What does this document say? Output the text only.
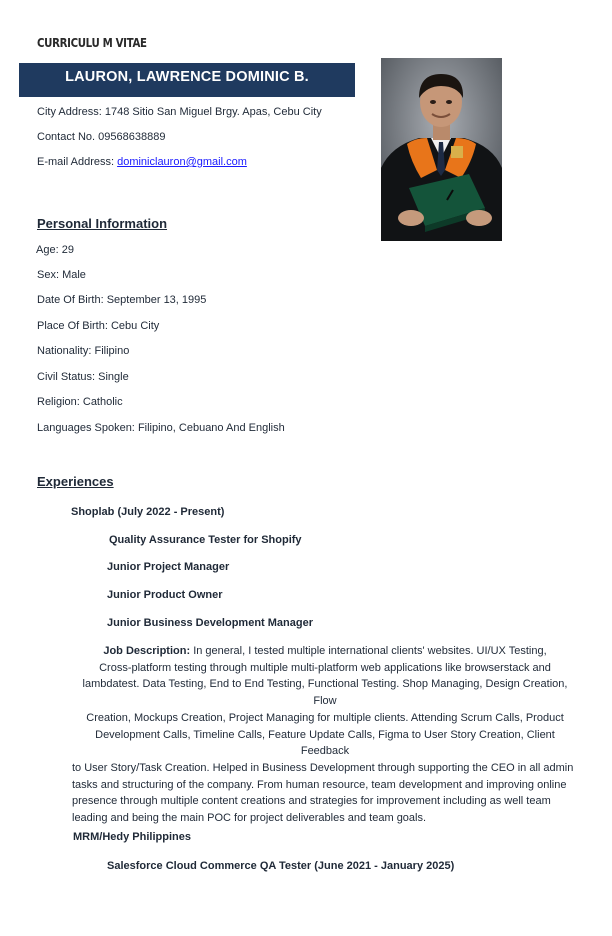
CURRICULU M VITAE
LAURON, LAWRENCE DOMINIC B.
City Address: 1748 Sitio San Miguel Brgy. Apas, Cebu City
Contact No. 09568638889
E-mail Address: dominiclauron@gmail.com
Personal Information
Age: 29
Sex: Male
Date Of Birth: September 13, 1995
Place Of Birth: Cebu City
Nationality: Filipino
Civil Status: Single
Religion: Catholic
Languages Spoken: Filipino, Cebuano And English
Experiences
Shoplab (July 2022 - Present)
Quality Assurance Tester for Shopify
Junior Project Manager
Junior Product Owner
Junior Business Development Manager
Job Description: In general, I tested multiple international clients' websites. UI/UX Testing,
Cross-platform testing through multiple multi-platform web applications like browserstack and
lambdatest. Data Testing, End to End Testing, Functional Testing. Shop Managing, Design Creation, Flow
Creation, Mockups Creation, Project Managing for multiple clients. Attending Scrum Calls, Product
Development Calls, Timeline Calls, Feature Update Calls, Figma to User Story Creation, Client Feedback
to User Story/Task Creation. Helped in Business Development through supporting the CEO in all admin
tasks and structuring of the company. From human resource, team development and improving online
presence through multiple content creations and strategies for improvement including as well team
leading and being the main POC for project deliverables and team goals.
MRM/Hedy Philippines
Salesforce Cloud Commerce QA Tester (June 2021 - January 2025)
